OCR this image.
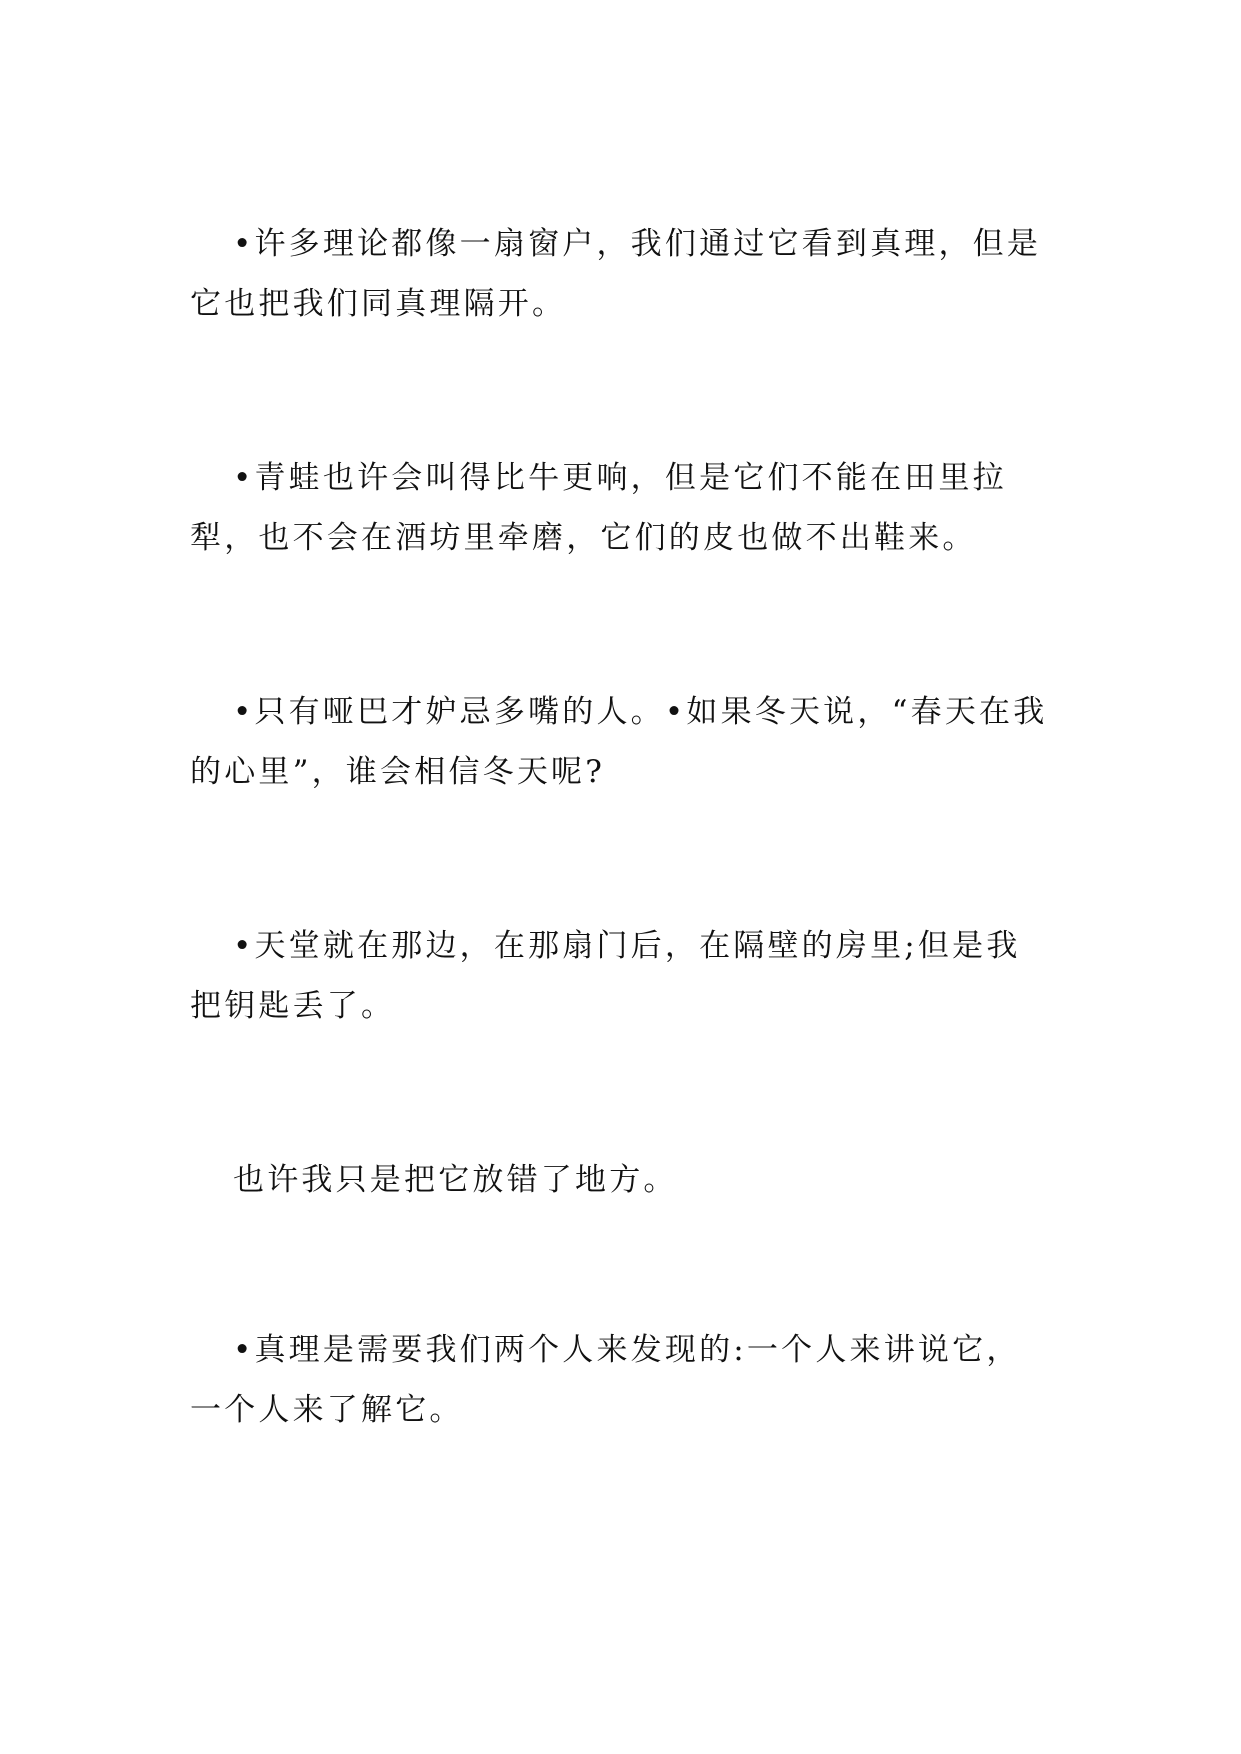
•许多理论都像一扇窗户，我们通过它看到真理，但是它也把我们同真理隔开。

•青蛙也许会叫得比牛更响，但是它们不能在田里拉犁，也不会在酒坊里牵磨，它们的皮也做不出鞋来。

•只有哑巴才妒忌多嘴的人。•如果冬天说，“春天在我的心里”，谁会相信冬天呢?

•天堂就在那边，在那扇门后，在隔壁的房里;但是我把钥匙丢了。

也许我只是把它放错了地方。

•真理是需要我们两个人来发现的:一个人来讲说它，一个人来了解它。
